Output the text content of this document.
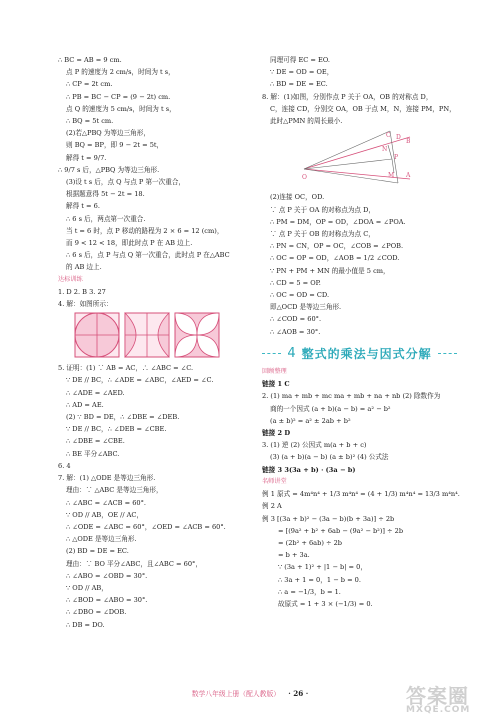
∴ BC = AB = 9 cm.
点 P 的速度为 2 cm/s，时间为 t s，
∴ CP = 2t cm.
∴ PB = BC − CP = (9 − 2t) cm.
点 Q 的速度为 5 cm/s，时间为 t s，
∴ BQ = 5t cm.
(2)若△PBQ 为等边三角形，
则 BQ = BP，即 9 − 2t = 5t，
解得 t = 9/7.
∴ 9/7 s 后，△PBQ 为等边三角形.
(3)设 t s 后，点 Q 与点 P 第一次重合，
根据题意得 5t − 2t = 18.
解得 t = 6.
∴ 6 s 后，两点第一次重合.
当 t = 6 时，点 P 移动的路程为 2 × 6 = 12 (cm)，
而 9 < 12 < 18，即此时点 P 在 AB 边上.
∴ 6 s 后，点 P 与点 Q 第一次重合，此时点 P 在△ABC
的 AB 边上.
达标训练
1. D 2. B 3. 27
4. 解：如图所示：
5. 证明：(1) ∵ AB = AC，∴ ∠ABC = ∠C.
∵ DE // BC，∴ ∠ADE = ∠ABC，∠AED = ∠C.
∴ ∠ADE = ∠AED.
∴ AD = AE.
(2) ∵ BD = DE，∴ ∠DBE = ∠DEB.
∵ DE // BC，∴ ∠DEB = ∠CBE.
∴ ∠DBE = ∠CBE.
∴ BE 平分∠ABC.
6. 4
7. 解：(1) △ODE 是等边三角形.
理由：∵ △ABC 是等边三角形，
∴ ∠ABC = ∠ACB = 60°.
∵ OD // AB，OE // AC，
∴ ∠ODE = ∠ABC = 60°，∠OED = ∠ACB = 60°.
∴ △ODE 是等边三角形.
(2) BD = DE = EC.
理由：∵ BO 平分∠ABC，且∠ABC = 60°，
∴ ∠ABO = ∠OBD = 30°.
∵ OD // AB，
∴ ∠BOD = ∠ABO = 30°.
∴ ∠DBO = ∠DOB.
∴ DB = DO.
同理可得 EC = EO.
∵ DE = OD = OE，
∴ BD = DE = EC.
8. 解：(1)如图，分别作点 P 关于 OA，OB 的对称点 D，
C，连接 CD，分别交 OA，OB 于点 M，N，连接 PM，PN，
此时△PMN 的周长最小.
C D
B
N
P
O	M A
(2)连接 OC，OD.
∵ 点 P 关于 OA 的对称点为点 D，
∴ PM = DM，OP = OD，∠DOA = ∠POA.
∵ 点 P 关于 OB 的对称点为点 C，
∴ PN = CN，OP = OC，∠COB = ∠POB.
∴ OC = OP = OD，∠AOB = 1/2 ∠COD.
∵ PN + PM + MN 的最小值是 5 cm，
∴ CD = 5 = OP.
∴ OC = OD = CD.
即△OCD 是等边三角形.
∴ ∠COD = 60°.
∴ ∠AOB = 30°.
4 整式的乘法与因式分解
回顾整理
链接 1 C
2. (1) ma + mb + mc ma + mb + na + nb (2) 除数作为
商的一个因式 (a + b)(a − b) = a² − b²
(a ± b)² = a² ± 2ab + b²
链接 2 D
3. (1) 逆 (2) 公因式 m(a + b + c)
(3) (a + b)(a − b) (a ± b)² (4) 公式法
链接 3 3(3a + b) · (3a − b)
名师讲堂
例 1 原式 = 4m⁴n⁴ + 1/3 m⁴n⁴ = (4 + 1/3) m⁴n⁴ = 13/3 m⁴n⁴.
例 2 A
例 3 [(3a + b)² − (3a − b)(b + 3a)] ÷ 2b
= [(9a² + b² + 6ab − (9a² − b²)] ÷ 2b
= (2b² + 6ab) ÷ 2b
= b + 3a.
∵ (3a + 1)² + |1 − b| = 0，
∴ 3a + 1 = 0，1 − b = 0.
∴ a = −1/3，b = 1.
故原式 = 1 + 3 × (−1/3) = 0.
数学八年级上册（配人教版） · 26 ·	答案圈
MXQE.COM
